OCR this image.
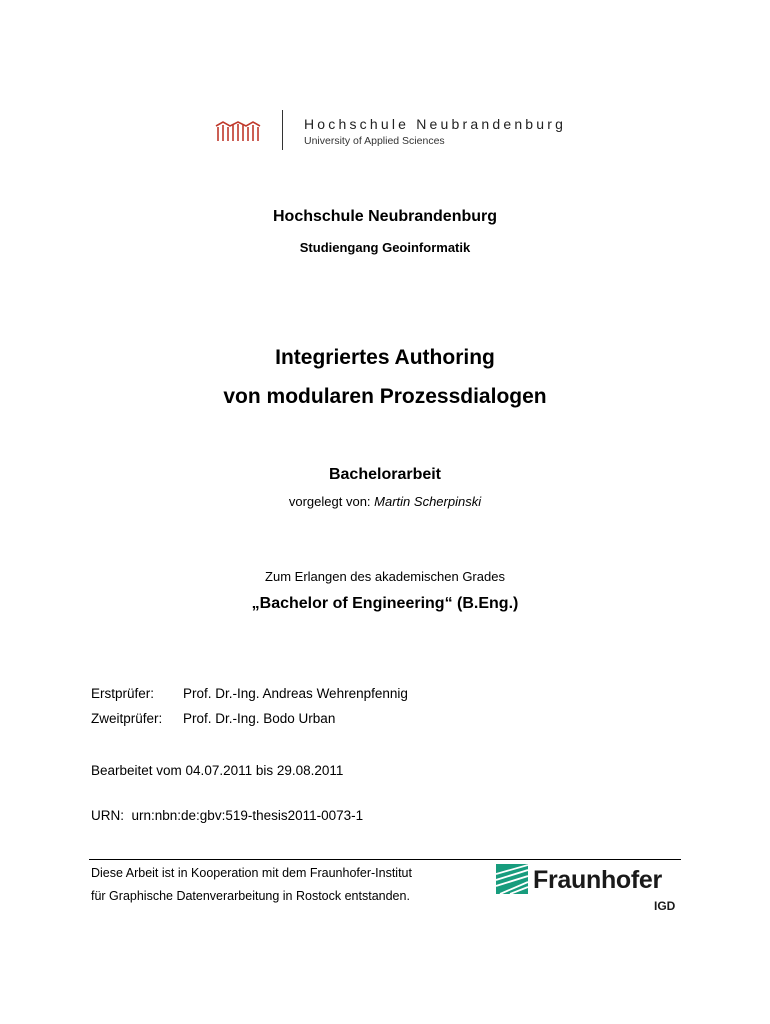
Hochschule Neubrandenburg
University of Applied Sciences
Hochschule Neubrandenburg
Studiengang Geoinformatik
Integriertes Authoring
von modularen Prozessdialogen
Bachelorarbeit
vorgelegt von: Martin Scherpinski
Zum Erlangen des akademischen Grades
„Bachelor of Engineering“ (B.Eng.)
Erstprüfer: Prof. Dr.-Ing. Andreas Wehrenpfennig
Zweitprüfer: Prof. Dr.-Ing. Bodo Urban
Bearbeitet vom 04.07.2011 bis 29.08.2011
URN:  urn:nbn:de:gbv:519-thesis2011-0073-1
Diese Arbeit ist in Kooperation mit dem Fraunhofer-Institut
für Graphische Datenverarbeitung in Rostock entstanden.
Fraunhofer
IGD
